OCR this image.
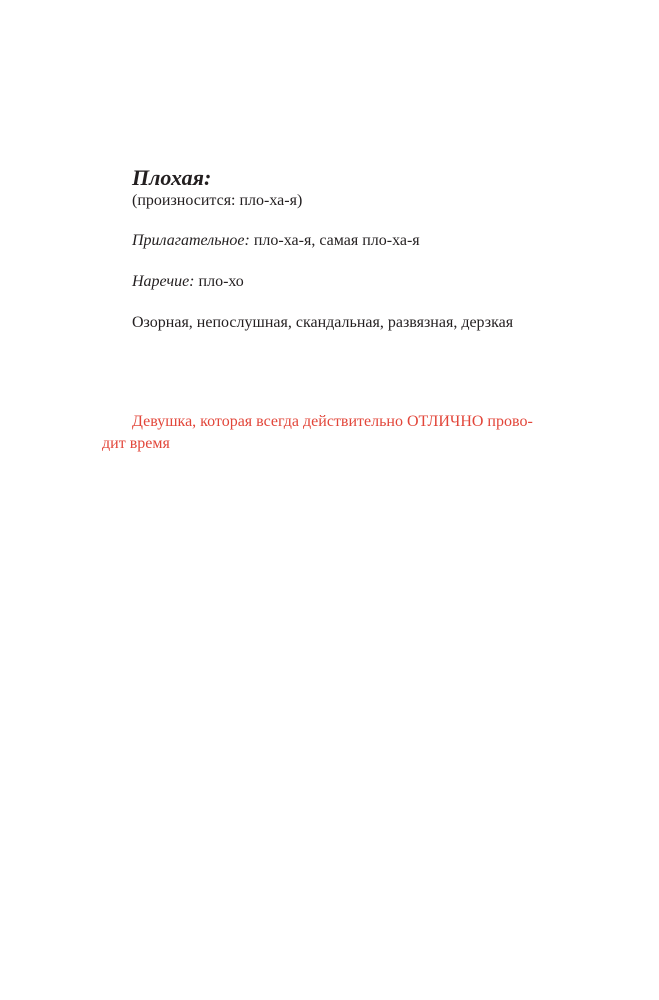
Плохая:
(произносится: пло-ха-я)
Прилагательное: пло-ха-я, самая пло-ха-я
Наречие: пло-хо
Озорная, непослушная, скандальная, развязная, дерзкая
Девушка, которая всегда действительно ОТЛИЧНО прово-
дит время
